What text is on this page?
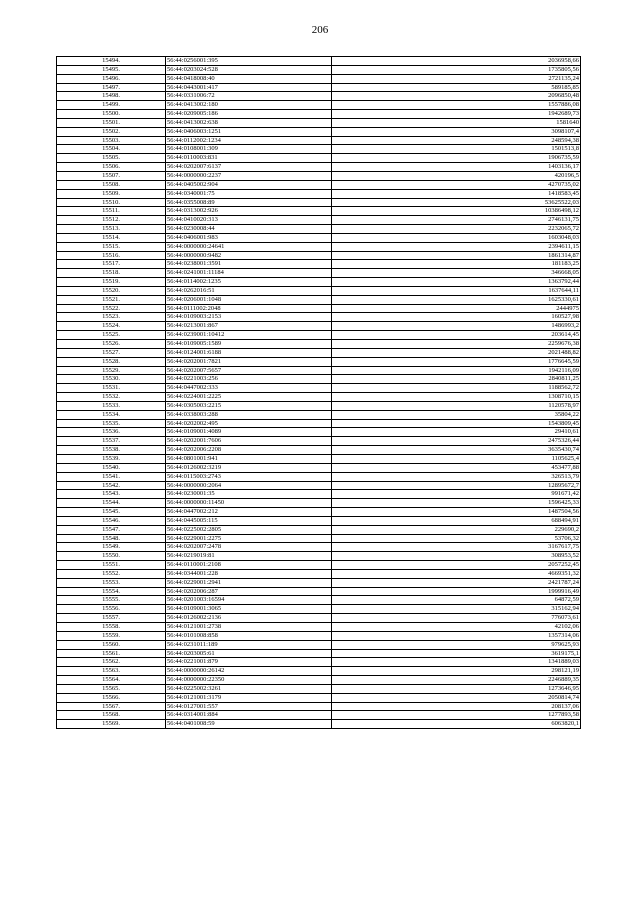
206
15494.	56:44:0256001:395	2036958,66
15495.	56:44:0203024:528	1735805,56
15496.	56:44:0418008:40	2721135,24
15497.	56:44:0443001:417	589185,85
15498.	56:44:0331006:72	2096850,48
15499.	56:44:0413002:180	1557886,08
15500.	56:44:0209005:186	1942689,73
15501.	56:44:0413002:638	1581640
15502.	56:44:0406003:1251	3098107,4
15503.	56:44:0112002:1234	248594,38
15504.	56:44:0108001:309	1501513,8
15505.	56:44:0110003:831	1906735,59
15506.	56:44:0202007:6137	1403136,17
15507.	56:44:0000000:2237	420196,5
15508.	56:44:0405002:904	4270735,02
15509.	56:44:0340001:75	1418583,45
15510.	56:44:0355008:89	53625522,03
15511.	56:44:0313002:926	10386498,12
15512.	56:44:0410020:313	2746131,75
15513.	56:44:0230008:44	2232065,72
15514.	56:44:0406001:983	1603048,03
15515.	56:44:0000000:24641	2394611,15
15516.	56:44:0000000:9482	1861314,87
15517.	56:44:0238001:3591	181183,25
15518.	56:44:0241001:11184	346668,05
15519.	56:44:0114002:1235	1363792,44
15520.	56:44:0262016:51	1637644,11
15521.	56:44:0206001:1048	1625330,61
15522.	56:44:0111002:2048	2444975
15523.	56:44:0109003:2153	160527,98
15524.	56:44:0213001:867	1486993,2
15525.	56:44:0239001:10412	203614,45
15526.	56:44:0109005:1589	2259676,38
15527.	56:44:0124001:6188	2021488,82
15528.	56:44:0202001:7821	1776645,59
15529.	56:44:0202007:5657	1942116,09
15530.	56:44:0221003:256	2840811,25
15531.	56:44:0447002:333	1188562,72
15532.	56:44:0224001:2225	1308710,15
15533.	56:44:0305003:2215	1120578,97
15534.	56:44:0338003:288	35804,22
15535.	56:44:0202002:495	1543809,45
15536.	56:44:0109001:4089	29410,61
15537.	56:44:0202001:7606	2475326,44
15538.	56:44:0202006:2208	3635430,74
15539.	56:44:0801001:941	1105625,4
15540.	56:44:0126002:3219	453477,88
15541.	56:44:0115003:2743	326513,79
15542.	56:44:0000000:2064	12895672,7
15543.	56:44:0230001:35	991671,42
15544.	56:44:0000000:11450	1596425,33
15545.	56:44:0447002:212	1487504,56
15546.	56:44:0445005:115	688494,91
15547.	56:44:0225002:2805	229690,2
15548.	56:44:0229001:2275	53706,32
15549.	56:44:0202007:2478	3167617,75
15550.	56:44:0219019:81	308953,52
15551.	56:44:0110001:2108	2057252,45
15552.	56:44:0344001:228	4669351,32
15553.	56:44:0229001:2941	2421787,24
15554.	56:44:0202006:287	1999916,49
15555.	56:44:0201003:16594	64872,59
15556.	56:44:0109001:3065	315162,94
15557.	56:44:0126002:2136	776073,61
15558.	56:44:0121001:2738	42102,06
15559.	56:44:0101008:858	1357314,06
15560.	56:44:0231011:189	979625,93
15561.	56:44:0203005:61	3619175,1
15562.	56:44:0221001:879	1341889,03
15563.	56:44:0000000:26142	298121,19
15564.	56:44:0000000:22350	2246889,35
15565.	56:44:0225002:3261	1273646,95
15566.	56:44:0121001:3179	2050814,74
15567.	56:44:0127001:557	208137,06
15568.	56:44:0314001:884	1277893,58
15569.	56:44:0401008:59	6063820,1
